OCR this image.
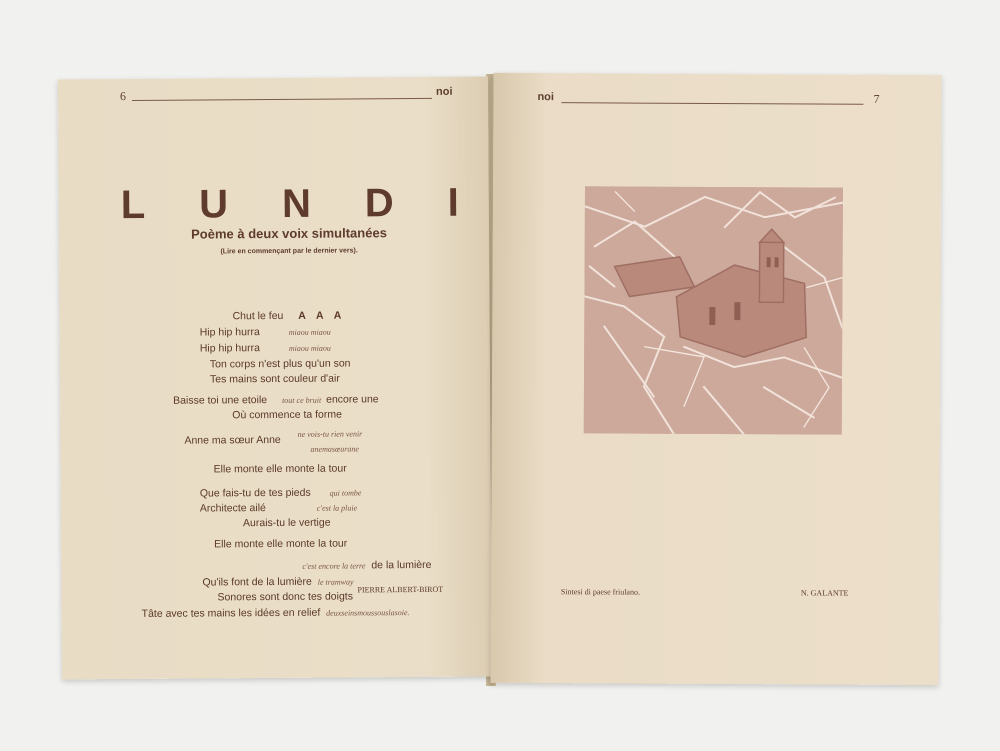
6	noi
L U N D I
Poème à deux voix simultanées
(Lire en commençant par le dernier vers).
Chut le feu A A A
Hip hip hurra	miaou miaou
Hip hip hurra	miaou miaou
Ton corps n'est plus qu'un son
Tes mains sont couleur d'air
Baisse toi une etoile tout ce bruit encore une
Où commence ta forme
Anne ma sœur Anne $^{ne vois-tu rien venir}$
anemasœurane
Elle monte elle monte la tour
Que fais-tu de tes pieds qui tombe
Architecte ailé	c'est la pluie
Aurais-tu le vertige
Elle monte elle monte la tour
c'est encore la terre de la lumière
Qu'ils font de la lumière le tramway
Sonores sont donc tes doigts
Tâte avec tes mains les idées en relief deuxseinsmoussouslasoie.
PIERRE ALBERT-BIROT
noi	7
Sintesi di paese friulano.	N. GALANTE
